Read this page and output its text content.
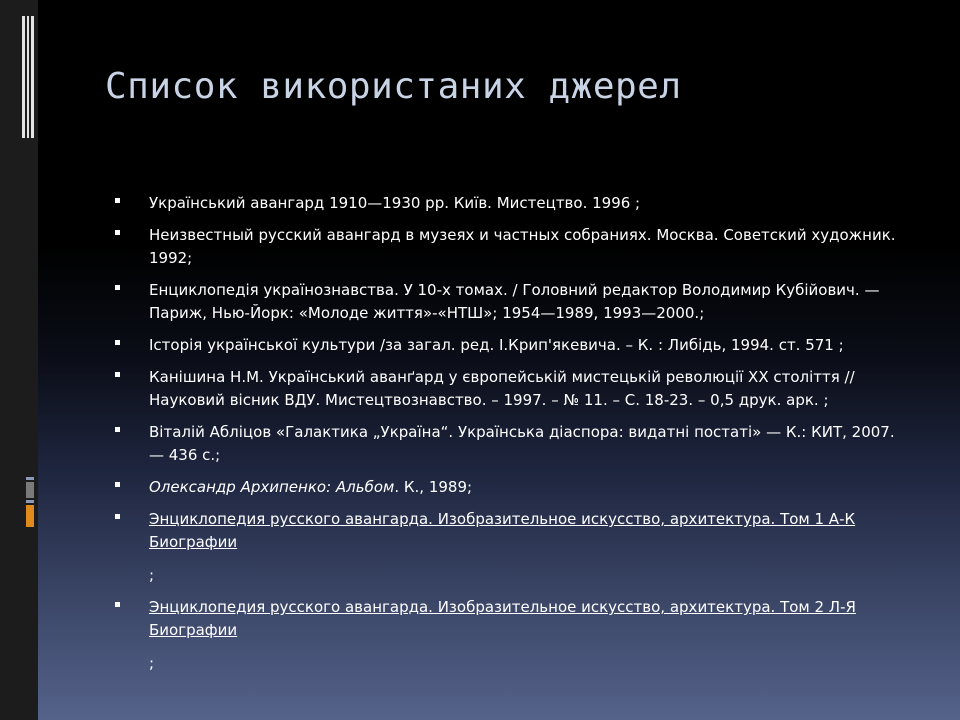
Список використаних джерел
Український авангард 1910—1930 рр. Київ. Мистецтво. 1996 ;
Неизвестный русский авангард в музеях и частных собраниях. Москва. Советский художник. 1992;
Енциклопедія українознавства. У 10-х томах. / Головний редактор Володимир Кубійович. — Париж, Нью-Йорк: «Молоде життя»-«НТШ»; 1954—1989, 1993—2000.;
Історія української культури /за загал. ред. І.Крип'якевича. – К. : Либідь, 1994. ст. 571 ;
Канішина Н.М. Український аванґард у європейській мистецькій революції ХХ століття // Науковий вісник ВДУ. Мистецтвознавство. – 1997. – № 11. – С. 18-23. – 0,5 друк. арк. ;
Віталій Абліцов «Галактика „Україна“. Українська діаспора: видатні постаті» — К.: КИТ, 2007. — 436 с.;
Олександр Архипенко: Альбом. К., 1989;
Энциклопедия русского авангарда. Изобразительное искусство, архитектура. Том 1 А-К Биографии
;
Энциклопедия русского авангарда. Изобразительное искусство, архитектура. Том 2 Л-Я Биографии
;
